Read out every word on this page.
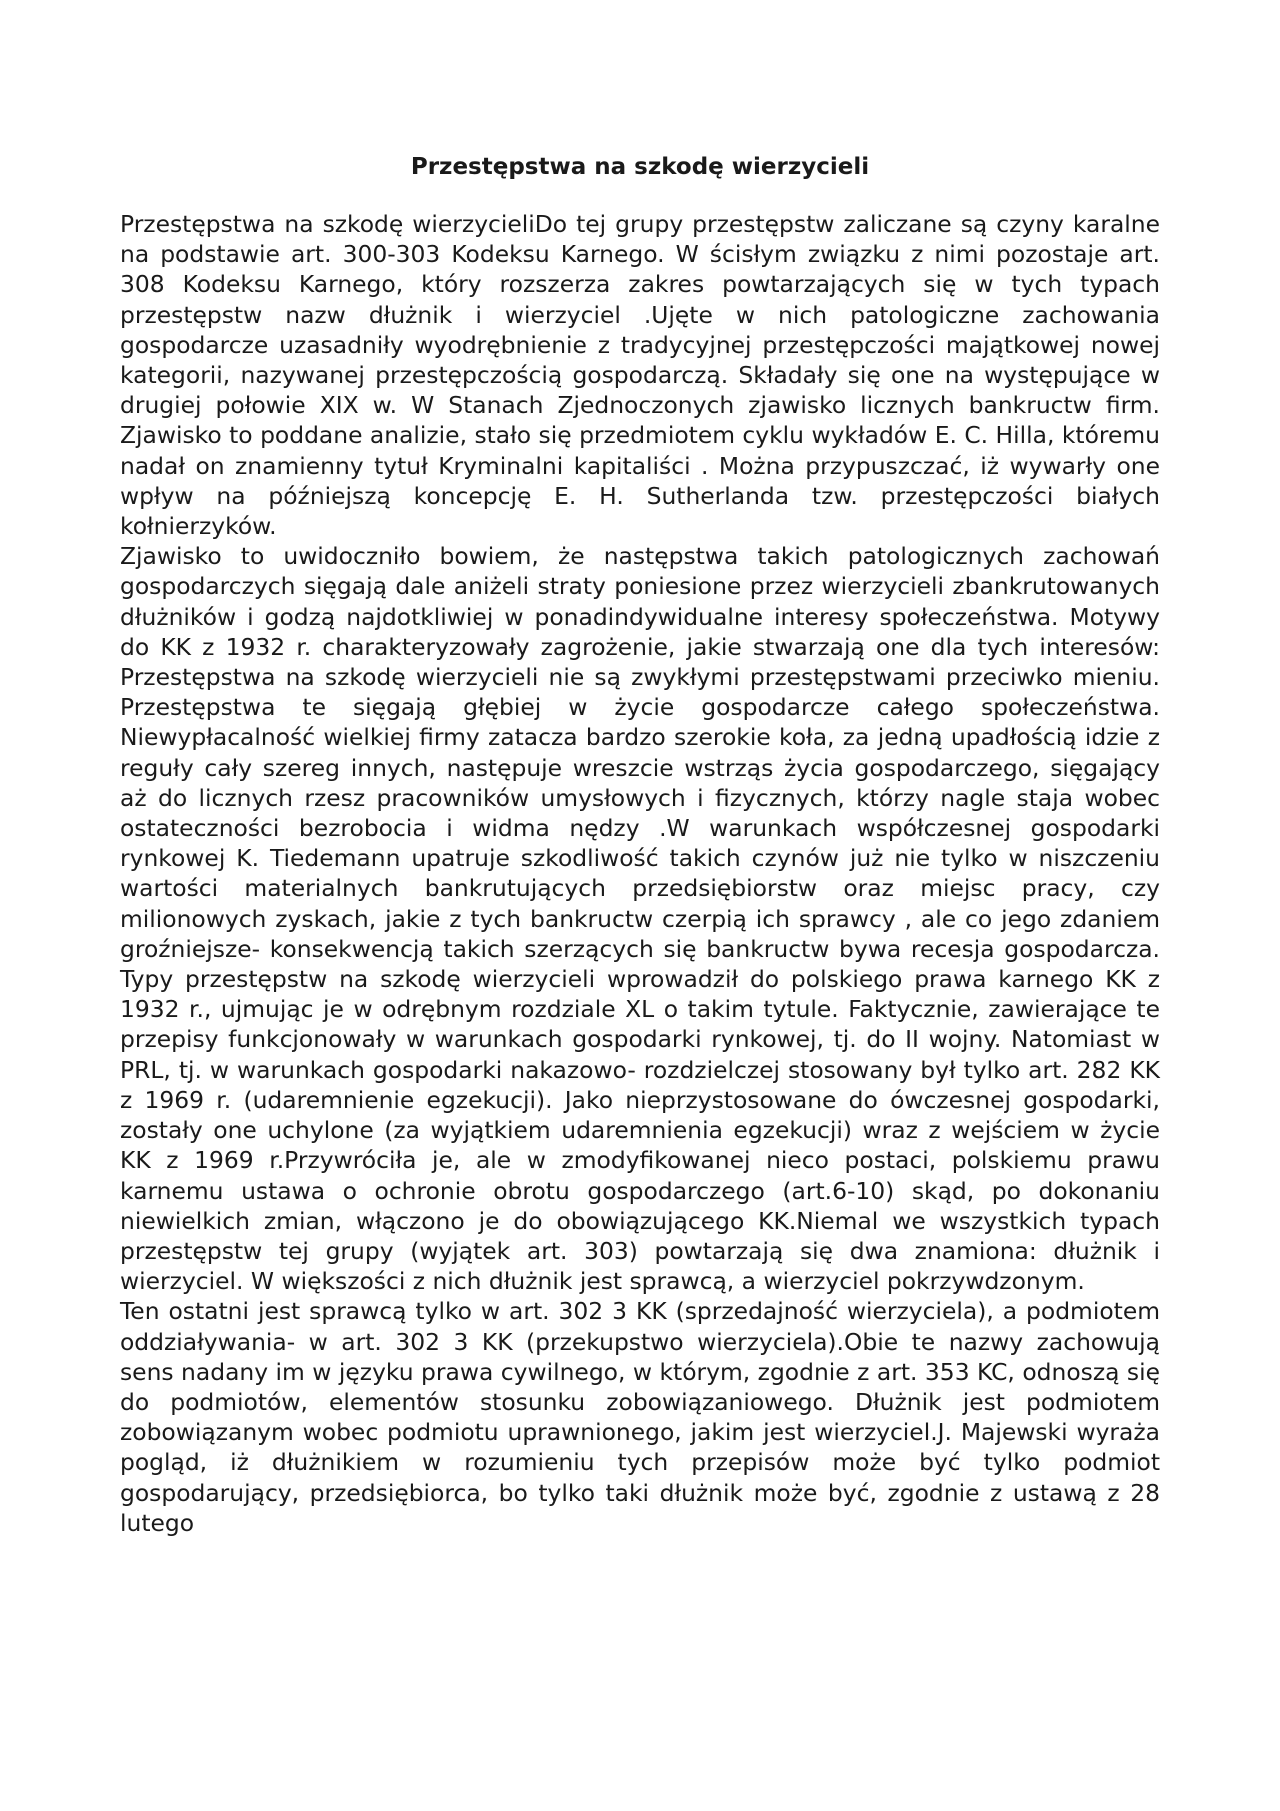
Przestępstwa na szkodę wierzycieli

Przestępstwa na szkodę wierzycieliDo tej grupy przestępstw zaliczane są czyny karalne na podstawie art. 300-303 Kodeksu Karnego. W ścisłym związku z nimi pozostaje art. 308 Kodeksu Karnego, który rozszerza zakres powtarzających się w tych typach przestępstw nazw dłużnik i wierzyciel .Ujęte w nich patologiczne zachowania gospodarcze uzasadniły wyodrębnienie z tradycyjnej przestępczości majątkowej nowej kategorii, nazywanej przestępczością gospodarczą. Składały się one na występujące w drugiej połowie XIX w. W Stanach Zjednoczonych zjawisko licznych bankructw firm. Zjawisko to poddane analizie, stało się przedmiotem cyklu wykładów E. C. Hilla, któremu nadał on znamienny tytuł Kryminalni kapitaliści . Można przypuszczać, iż wywarły one wpływ na późniejszą koncepcję E. H. Sutherlanda tzw. przestępczości białych kołnierzyków.

Zjawisko to uwidoczniło bowiem, że następstwa takich patologicznych zachowań gospodarczych sięgają dale aniżeli straty poniesione przez wierzycieli zbankrutowanych dłużników i godzą najdotkliwiej w ponadindywidualne interesy społeczeństwa. Motywy do KK z 1932 r. charakteryzowały zagrożenie, jakie stwarzają one dla tych interesów: Przestępstwa na szkodę wierzycieli nie są zwykłymi przestępstwami przeciwko mieniu. Przestępstwa te sięgają głębiej w życie gospodarcze całego społeczeństwa. Niewypłacalność wielkiej firmy zatacza bardzo szerokie koła, za jedną upadłością idzie z reguły cały szereg innych, następuje wreszcie wstrząs życia gospodarczego, sięgający aż do licznych rzesz pracowników umysłowych i fizycznych, którzy nagle staja wobec ostateczności bezrobocia i widma nędzy .W warunkach współczesnej gospodarki rynkowej K. Tiedemann upatruje szkodliwość takich czynów już nie tylko w niszczeniu wartości materialnych bankrutujących przedsiębiorstw oraz miejsc pracy, czy milionowych zyskach, jakie z tych bankructw czerpią ich sprawcy , ale co jego zdaniem groźniejsze- konsekwencją takich szerzących się bankructw bywa recesja gospodarcza. Typy przestępstw na szkodę wierzycieli wprowadził do polskiego prawa karnego KK z 1932 r., ujmując je w odrębnym rozdziale XL o takim tytule. Faktycznie, zawierające te przepisy funkcjonowały w warunkach gospodarki rynkowej, tj. do II wojny. Natomiast w PRL, tj. w warunkach gospodarki nakazowo- rozdzielczej stosowany był tylko art. 282 KK z 1969 r. (udaremnienie egzekucji). Jako nieprzystosowane do ówczesnej gospodarki, zostały one uchylone (za wyjątkiem udaremnienia egzekucji) wraz z wejściem w życie KK z 1969 r.Przywróciła je, ale w zmodyfikowanej nieco postaci, polskiemu prawu karnemu ustawa o ochronie obrotu gospodarczego (art.6-10) skąd, po dokonaniu niewielkich zmian, włączono je do obowiązującego KK.Niemal we wszystkich typach przestępstw tej grupy (wyjątek art. 303) powtarzają się dwa znamiona: dłużnik i wierzyciel. W większości z nich dłużnik jest sprawcą, a wierzyciel pokrzywdzonym.

Ten ostatni jest sprawcą tylko w art. 302 3 KK (sprzedajność wierzyciela), a podmiotem oddziaływania- w art. 302 3 KK (przekupstwo wierzyciela).Obie te nazwy zachowują sens nadany im w języku prawa cywilnego, w którym, zgodnie z art. 353 KC, odnoszą się do podmiotów, elementów stosunku zobowiązaniowego. Dłużnik jest podmiotem zobowiązanym wobec podmiotu uprawnionego, jakim jest wierzyciel.J. Majewski wyraża pogląd, iż dłużnikiem w rozumieniu tych przepisów może być tylko podmiot gospodarujący, przedsiębiorca, bo tylko taki dłużnik może być, zgodnie z ustawą z 28 lutego
